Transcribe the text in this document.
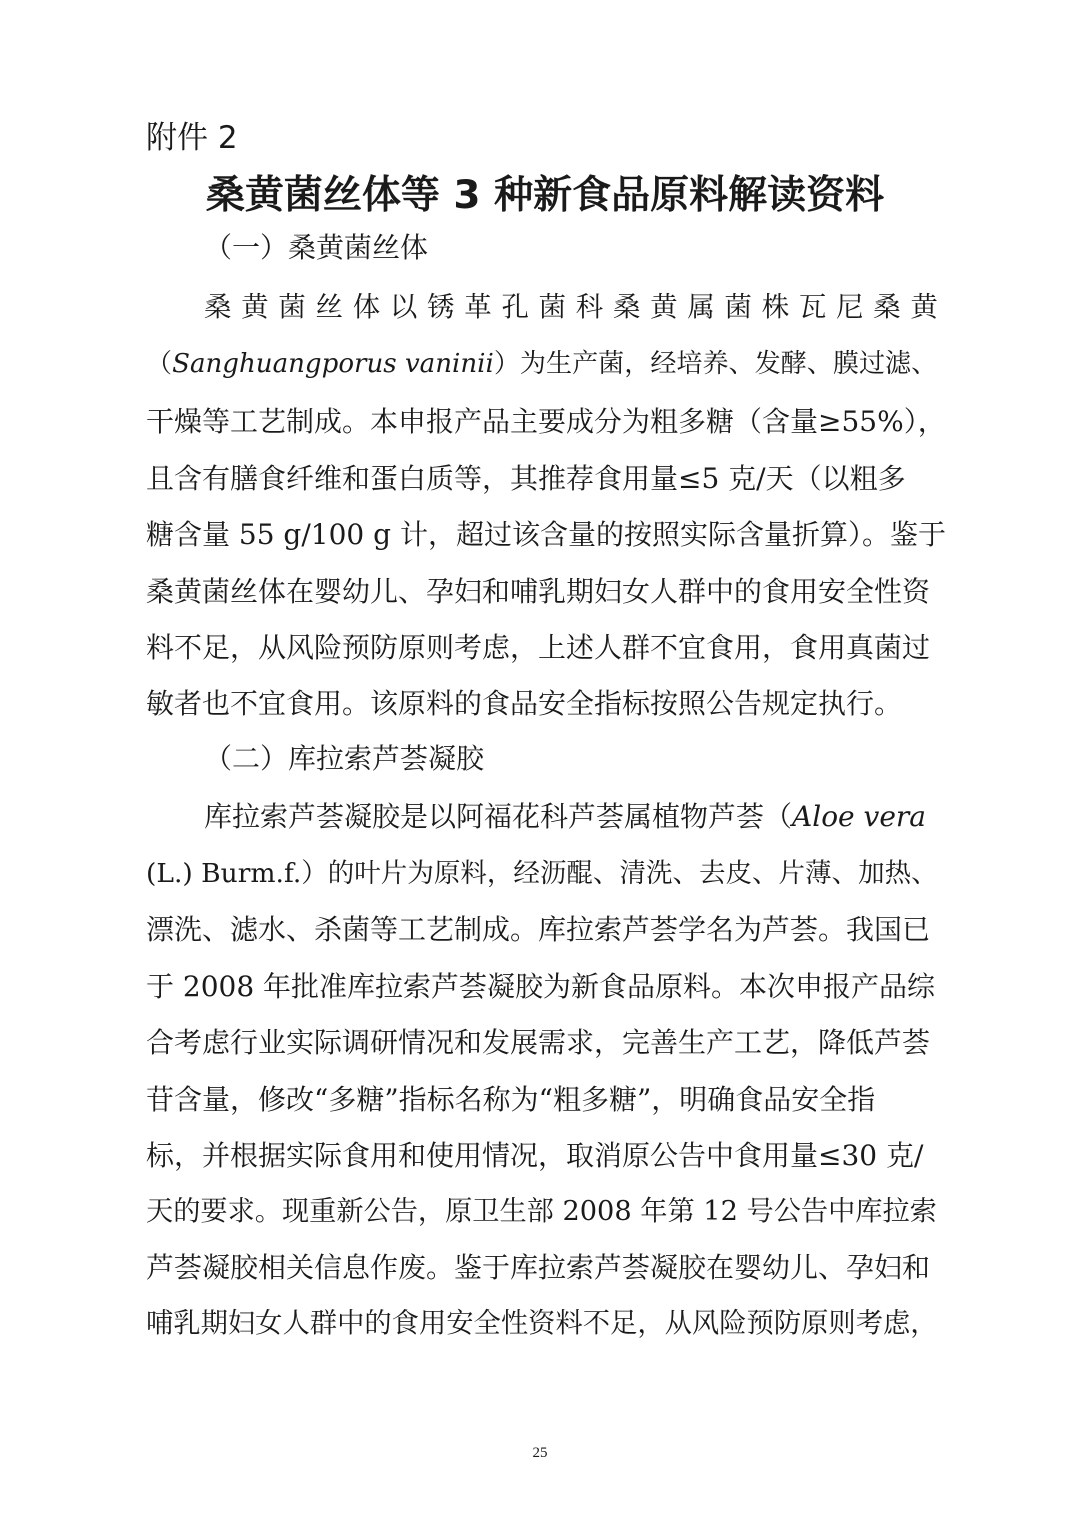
附件 2

桑黄菌丝体等 3 种新食品原料解读资料

（一）桑黄菌丝体

桑 黄 菌 丝 体 以 锈 革 孔 菌 科 桑 黄 属 菌 株 瓦 尼 桑 黄

（Sanghuangporus vaninii）为生产菌，经培养、发酵、膜过滤、

干燥等工艺制成。本申报产品主要成分为粗多糖（含量≥55%），

且含有膳食纤维和蛋白质等，其推荐食用量≤5 克/天（以粗多

糖含量 55 g/100 g 计，超过该含量的按照实际含量折算）。鉴于

桑黄菌丝体在婴幼儿、孕妇和哺乳期妇女人群中的食用安全性资

料不足，从风险预防原则考虑，上述人群不宜食用，食用真菌过

敏者也不宜食用。该原料的食品安全指标按照公告规定执行。

（二）库拉索芦荟凝胶

库拉索芦荟凝胶是以阿福花科芦荟属植物芦荟（Aloe vera

(L.) Burm.f.）的叶片为原料，经沥醌、清洗、去皮、片薄、加热、

漂洗、滤水、杀菌等工艺制成。库拉索芦荟学名为芦荟。我国已

于 2008 年批准库拉索芦荟凝胶为新食品原料。本次申报产品综

合考虑行业实际调研情况和发展需求，完善生产工艺，降低芦荟

苷含量，修改“多糖”指标名称为“粗多糖”，明确食品安全指

标，并根据实际食用和使用情况，取消原公告中食用量≤30 克/

天的要求。现重新公告，原卫生部 2008 年第 12 号公告中库拉索

芦荟凝胶相关信息作废。鉴于库拉索芦荟凝胶在婴幼儿、孕妇和

哺乳期妇女人群中的食用安全性资料不足，从风险预防原则考虑，

25
